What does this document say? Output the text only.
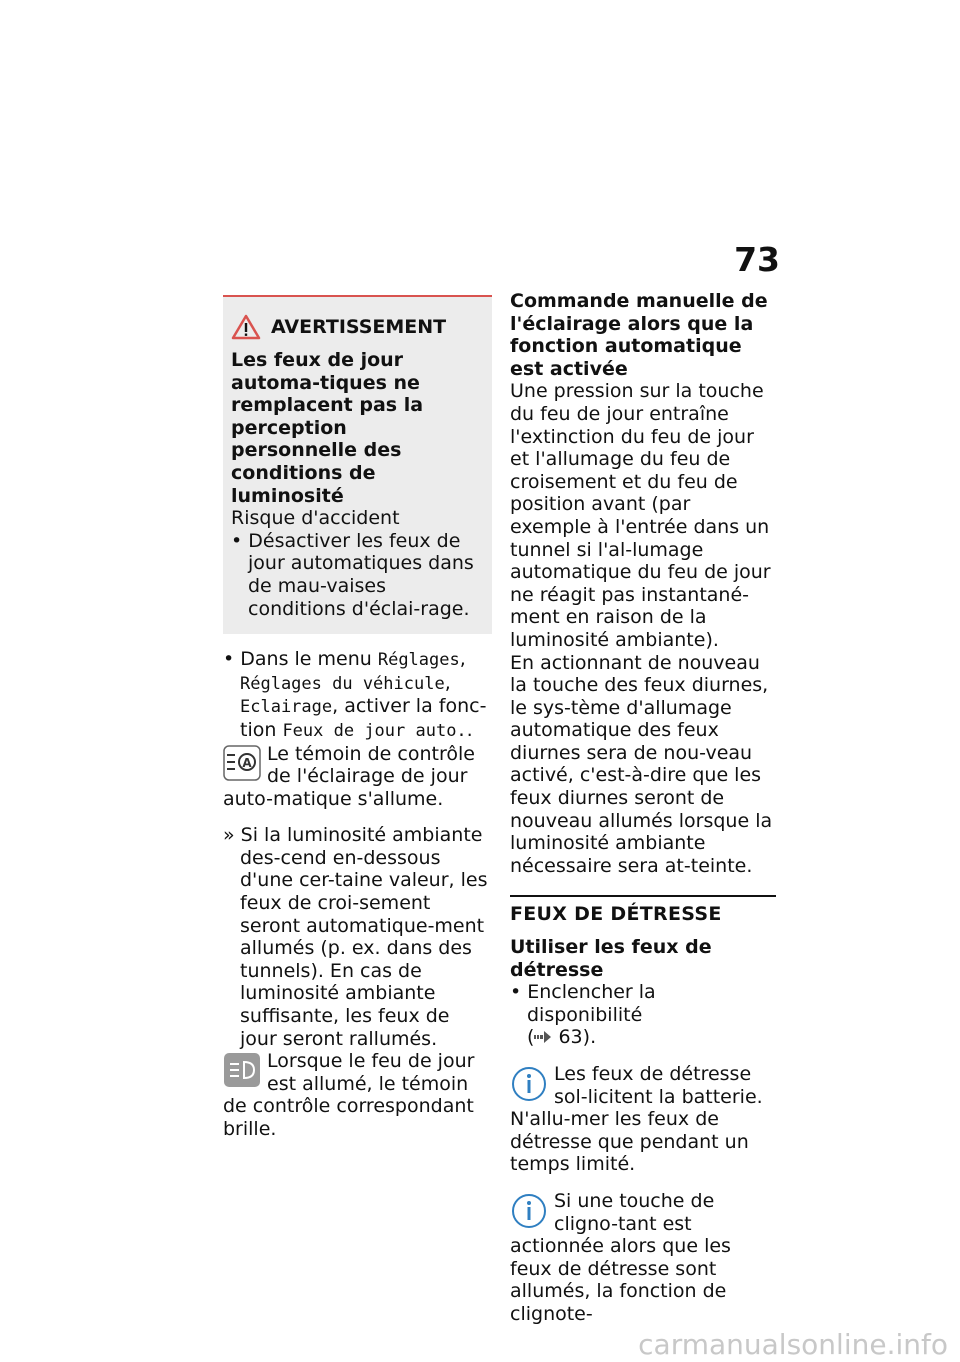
73
AVERTISSEMENT
Les feux de jour automa-tiques ne remplacent pas la perception personnelle des conditions de luminosité
Risque d'accident
• Désactiver les feux de jour automatiques dans de mau-vaises conditions d'éclai-rage.
• Dans le menu Réglages, Réglages du véhicule, Eclairage, activer la fonc-tion Feux de jour auto..
A Le témoin de contrôle de l'éclairage de jour auto-matique s'allume.
» Si la luminosité ambiante des-cend en-dessous d'une cer-taine valeur, les feux de croi-sement seront automatique-ment allumés (p. ex. dans des tunnels). En cas de luminosité ambiante suffisante, les feux de jour seront rallumés.
Lorsque le feu de jour est allumé, le témoin de contrôle correspondant brille.
Commande manuelle de l'éclairage alors que la fonction automatique est activée

Une pression sur la touche du feu de jour entraîne l'extinction du feu de jour et l'allumage du feu de croisement et du feu de position avant (par exemple à l'entrée dans un tunnel si l'al-lumage automatique du feu de jour ne réagit pas instantané-ment en raison de la luminosité ambiante).

En actionnant de nouveau la touche des feux diurnes, le sys-tème d'allumage automatique des feux diurnes sera de nou-veau activé, c'est-à-dire que les feux diurnes seront de nouveau allumés lorsque la luminosité ambiante nécessaire sera at-teinte.

FEUX DE DÉTRESSE
Utiliser les feux de détresse
• Enclencher la disponibilité
( 63).
Les feux de détresse sol-licitent la batterie. N'allu-mer les feux de détresse que pendant un temps limité.
Si une touche de cligno-tant est actionnée alors que les feux de détresse sont allumés, la fonction de clignote-
carmanualsonline.info
